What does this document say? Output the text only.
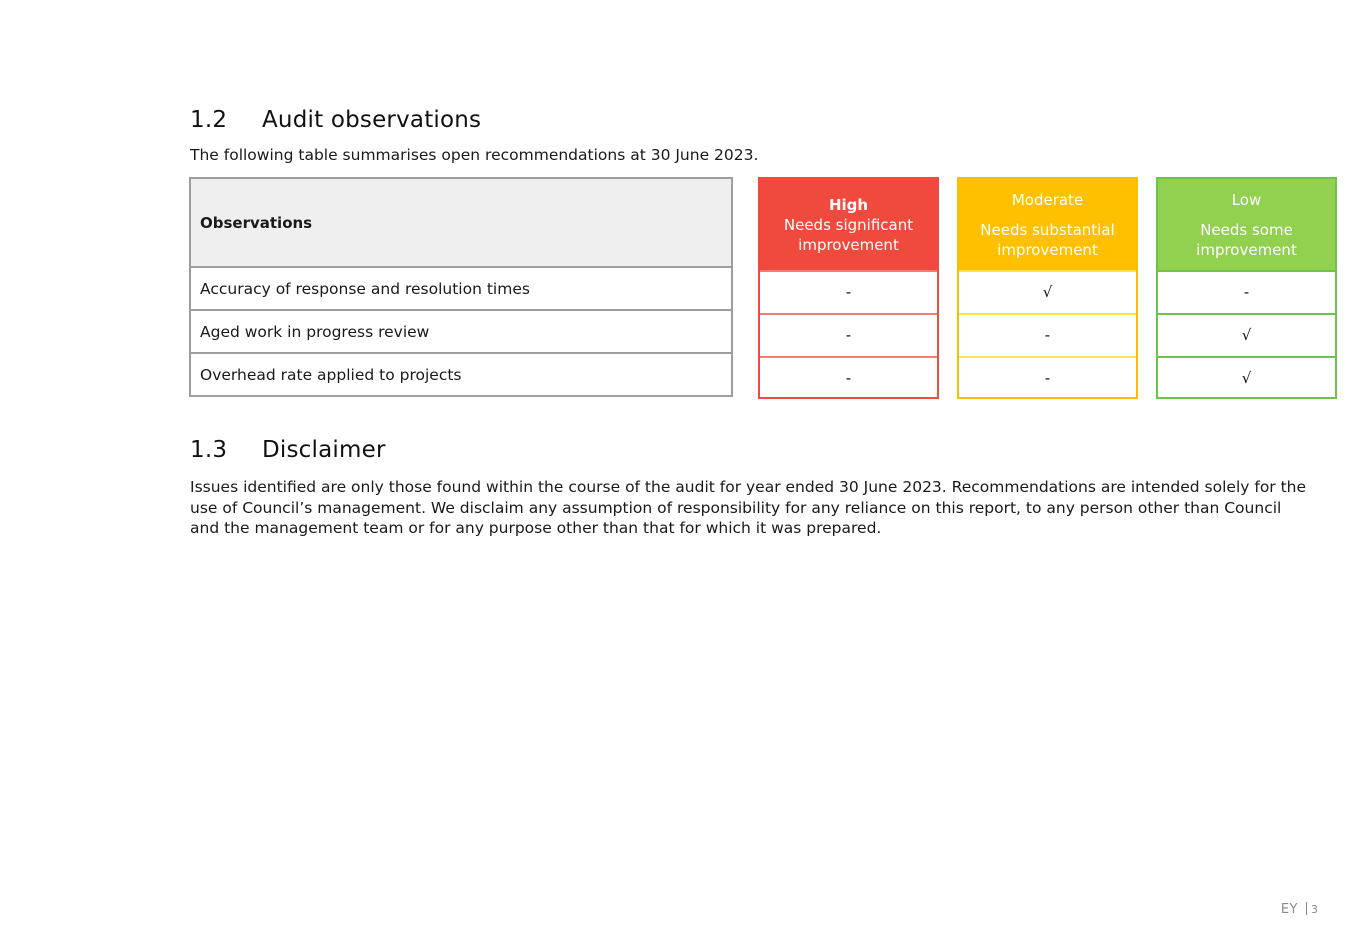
1.2 Audit observations
The following table summarises open recommendations at 30 June 2023.
Observations
Accuracy of response and resolution times
Aged work in progress review
Overhead rate applied to projects
High
Needs significant improvement
-
-
-
Moderate
Needs substantial improvement
√
-
-
Low
Needs some improvement
-
√
√
1.3 Disclaimer

Issues identified are only those found within the course of the audit for year ended 30 June 2023. Recommendations are intended solely for the use of Council’s management. We disclaim any assumption of responsibility for any reliance on this report, to any person other than Council and the management team or for any purpose other than that for which it was prepared.

EY 3
